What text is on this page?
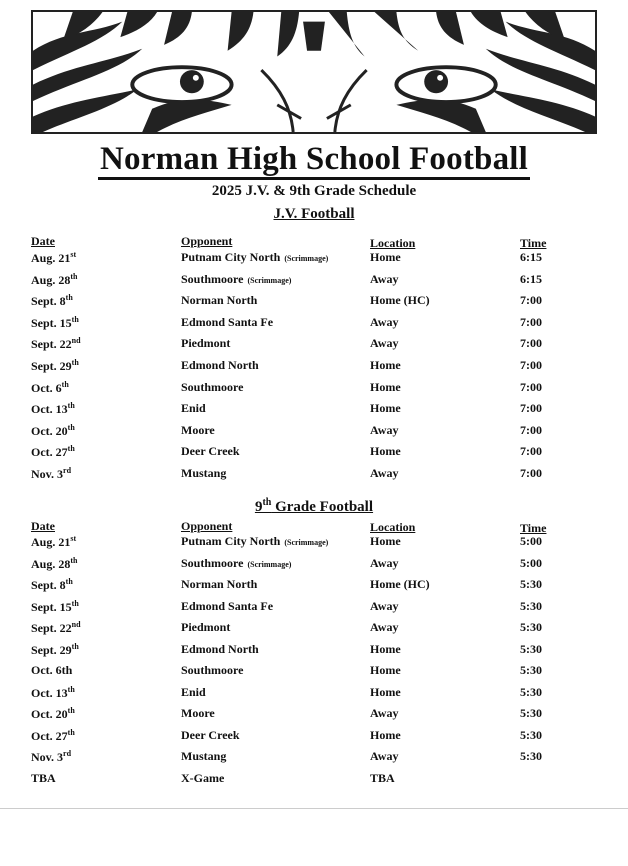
Norman High School Football
2025 J.V. & 9th Grade Schedule
J.V. Football
Date	Opponent	Location	Time
Aug. 21st	Putnam City North (Scrimmage)	Home	6:15
Aug. 28th	Southmoore (Scrimmage)	Away	6:15
Sept. 8th	Norman North	Home (HC)	7:00
Sept. 15th	Edmond Santa Fe	Away	7:00
Sept. 22nd	Piedmont	Away	7:00
Sept. 29th	Edmond North	Home	7:00
Oct. 6th	Southmoore	Home	7:00
Oct. 13th	Enid	Home	7:00
Oct. 20th	Moore	Away	7:00
Oct. 27th	Deer Creek	Home	7:00
Nov. 3rd	Mustang	Away	7:00
9th Grade Football
Date	Opponent	Location	Time
Aug. 21st	Putnam City North (Scrimmage)	Home	5:00
Aug. 28th	Southmoore (Scrimmage)	Away	5:00
Sept. 8th	Norman North	Home (HC)	5:30
Sept. 15th	Edmond Santa Fe	Away	5:30
Sept. 22nd	Piedmont	Away	5:30
Sept. 29th	Edmond North	Home	5:30
Oct. 6th	Southmoore	Home	5:30
Oct. 13th	Enid	Home	5:30
Oct. 20th	Moore	Away	5:30
Oct. 27th	Deer Creek	Home	5:30
Nov. 3rd	Mustang	Away	5:30
TBA	X-Game	TBA
